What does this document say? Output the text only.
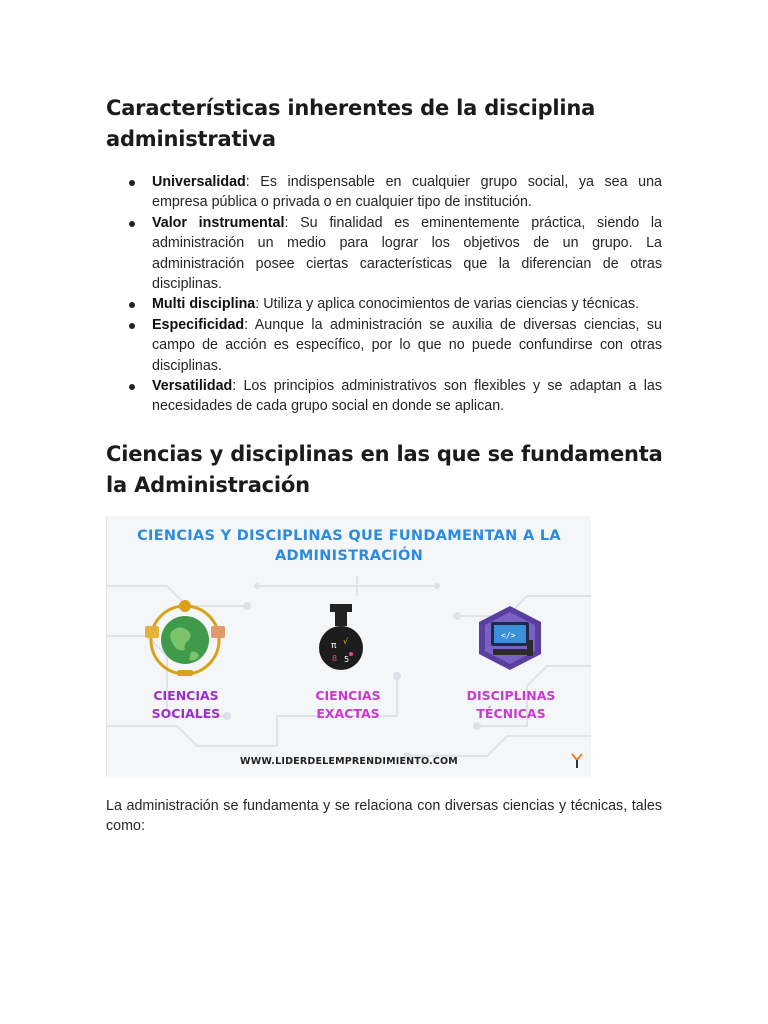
Características inherentes de la disciplina administrativa
Universalidad: Es indispensable en cualquier grupo social, ya sea una empresa pública o privada o en cualquier tipo de institución.
Valor instrumental: Su finalidad es eminentemente práctica, siendo la administración un medio para lograr los objetivos de un grupo. La administración posee ciertas características que la diferencian de otras disciplinas.
Multi disciplina: Utiliza y aplica conocimientos de varias ciencias y técnicas.
Especificidad: Aunque la administración se auxilia de diversas ciencias, su campo de acción es específico, por lo que no puede confundirse con otras disciplinas.
Versatilidad: Los principios administrativos son flexibles y se adaptan a las necesidades de cada grupo social en donde se aplican.
Ciencias y disciplinas en las que se fundamenta la Administración
CIENCIAS Y DISCIPLINAS QUE FUNDAMENTAN A LA
ADMINISTRACIÓN
π √
8 5
</>
CIENCIAS
SOCIALES
CIENCIAS
EXACTAS
DISCIPLINAS
TÉCNICAS
WWW.LIDERDELEMPRENDIMIENTO.COM

La administración se fundamenta y se relaciona con diversas ciencias y técnicas, tales como:
